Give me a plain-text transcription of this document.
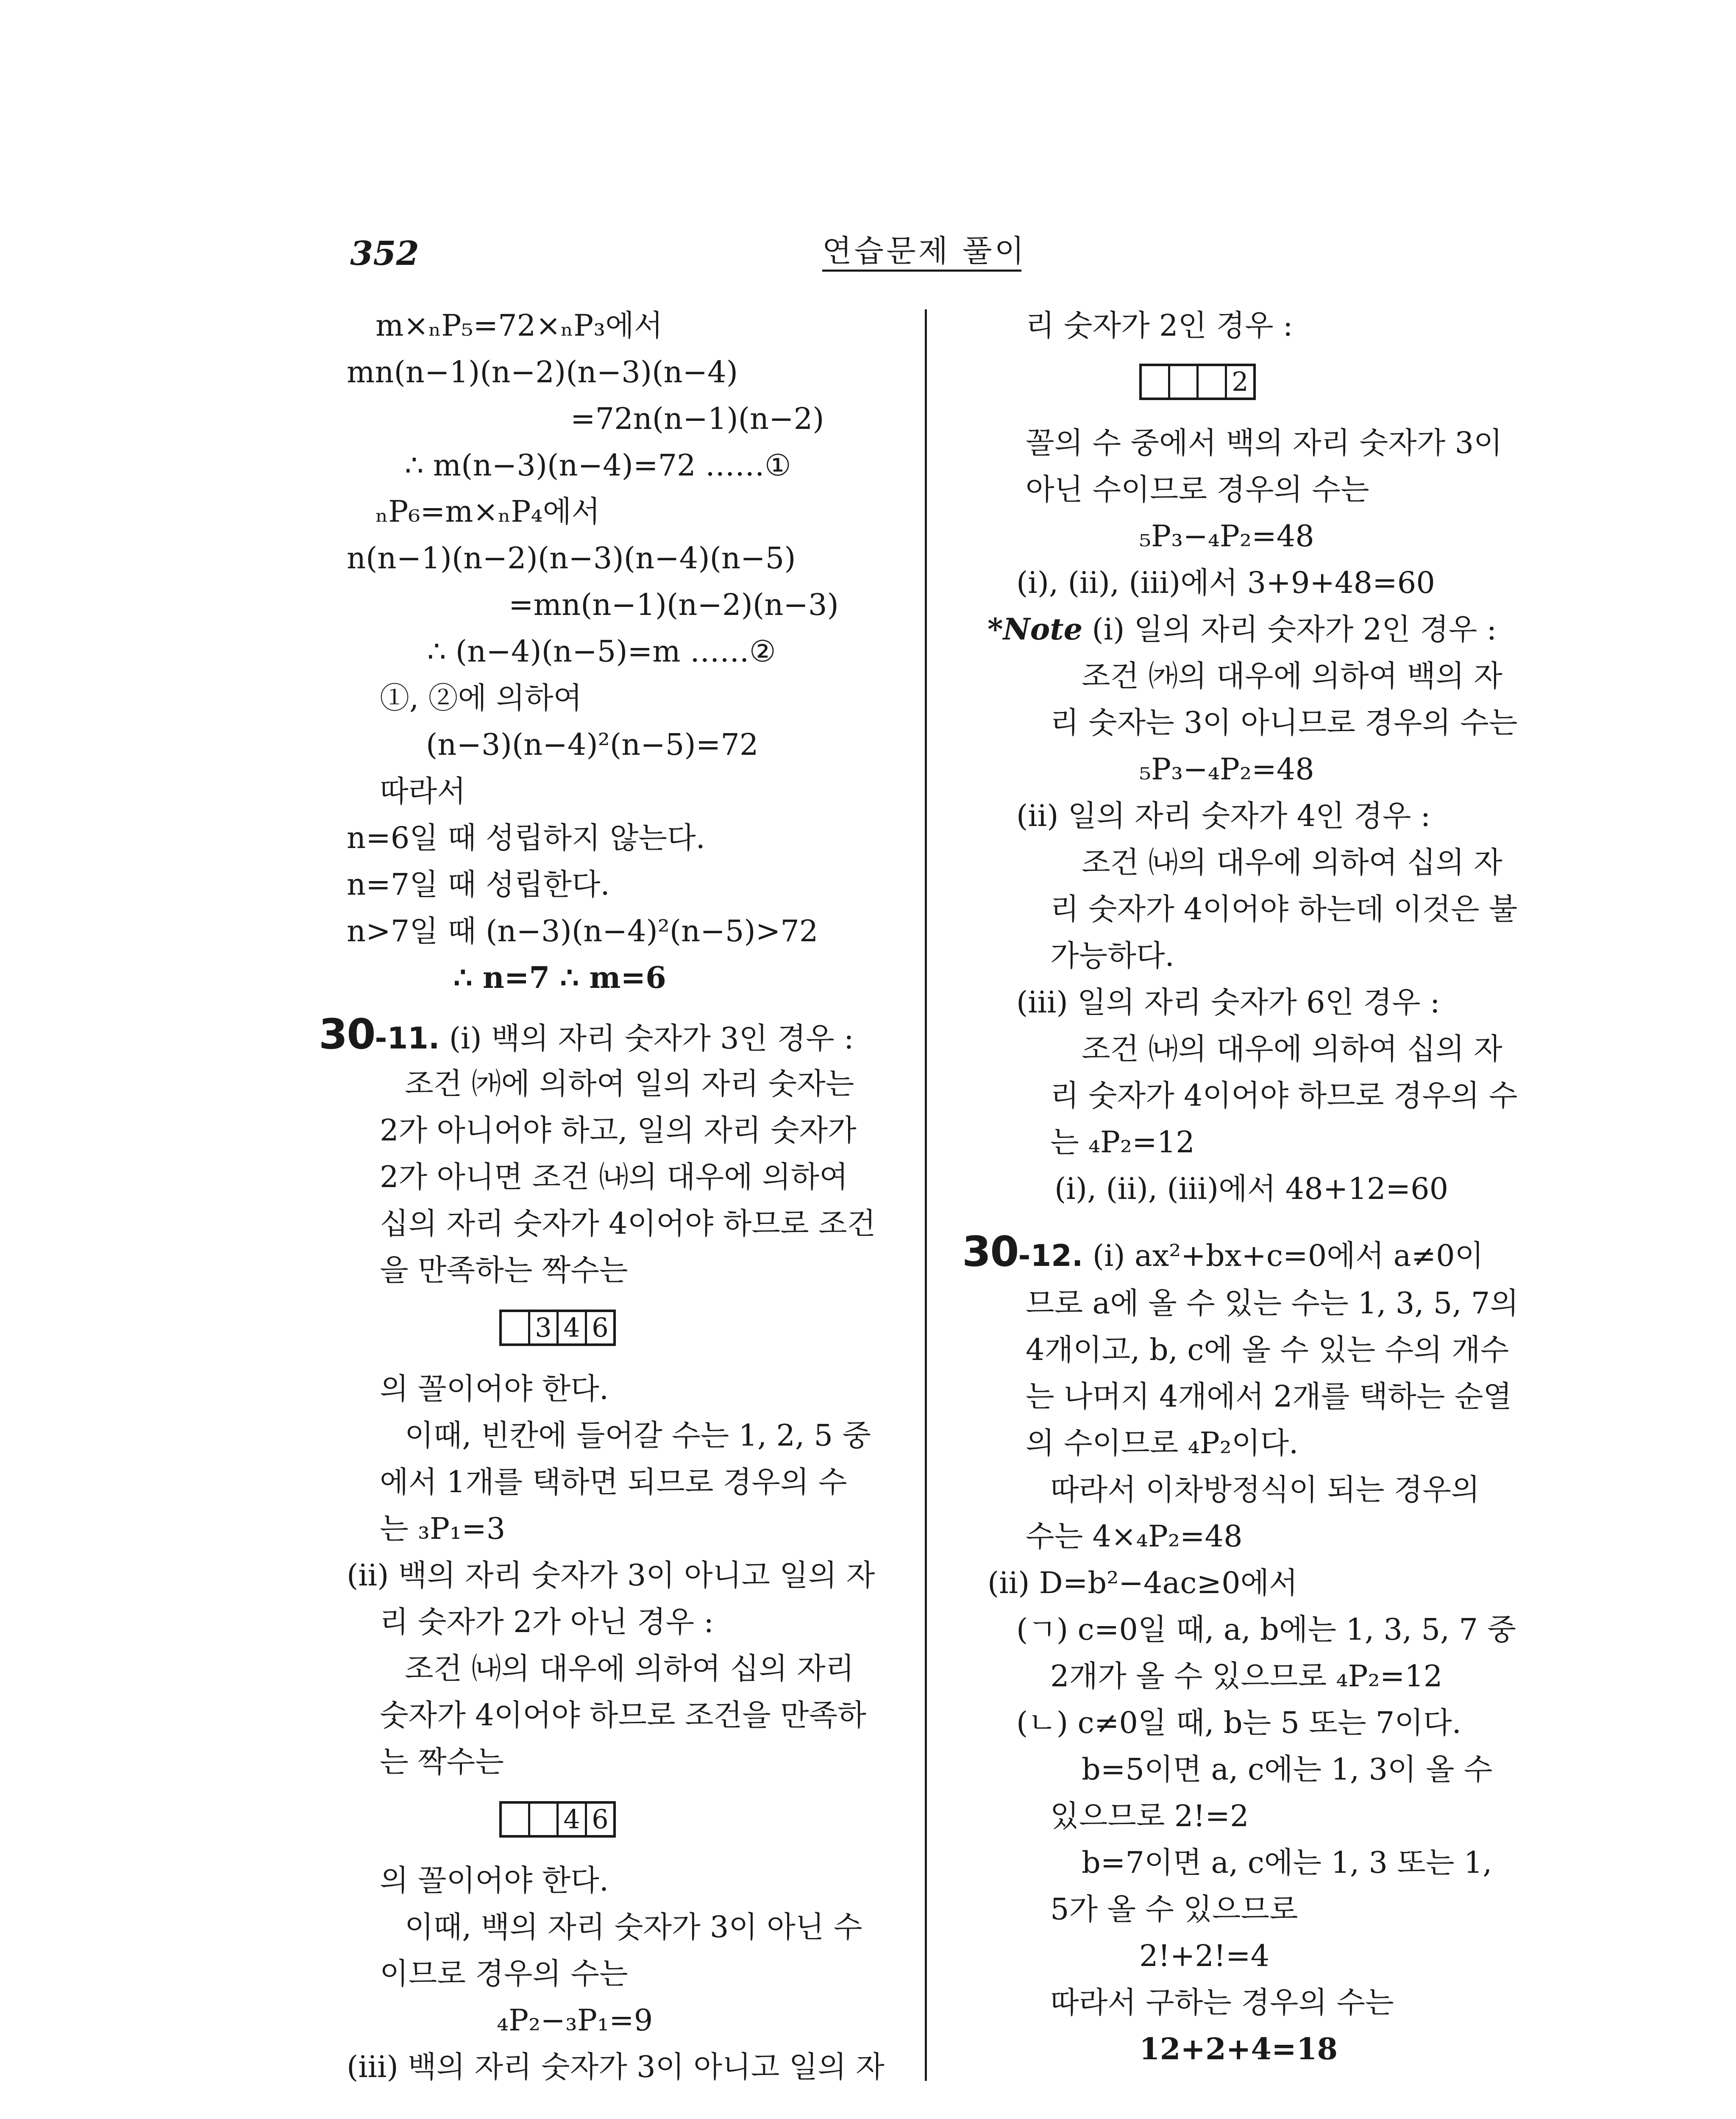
352	연습문제 풀이
m×ₙP₅=72×ₙP₃에서
mn(n−1)(n−2)(n−3)(n−4)
=72n(n−1)(n−2)
∴ m(n−3)(n−4)=72 ……①
ₙP₆=m×ₙP₄에서
n(n−1)(n−2)(n−3)(n−4)(n−5)
=mn(n−1)(n−2)(n−3)
∴ (n−4)(n−5)=m ……②
①, ②에 의하여
(n−3)(n−4)²(n−5)=72
따라서
n=6일 때 성립하지 않는다.
n=7일 때 성립한다.
n>7일 때 (n−3)(n−4)²(n−5)>72
∴ n=7 ∴ m=6
30-11. (ⅰ) 백의 자리 숫자가 3인 경우 :
조건 ㈎에 의하여 일의 자리 숫자는
2가 아니어야 하고, 일의 자리 숫자가
2가 아니면 조건 ㈏의 대우에 의하여
십의 자리 숫자가 4이어야 하므로 조건
을 만족하는 짝수는
3 4 6
의 꼴이어야 한다.
이때, 빈칸에 들어갈 수는 1, 2, 5 중
에서 1개를 택하면 되므로 경우의 수
는 ₃P₁=3
(ⅱ) 백의 자리 숫자가 3이 아니고 일의 자
리 숫자가 2가 아닌 경우 :
조건 ㈏의 대우에 의하여 십의 자리
숫자가 4이어야 하므로 조건을 만족하
는 짝수는
4 6
의 꼴이어야 한다.
이때, 백의 자리 숫자가 3이 아닌 수
이므로 경우의 수는
₄P₂−₃P₁=9
(ⅲ) 백의 자리 숫자가 3이 아니고 일의 자
리 숫자가 2인 경우 :
2
꼴의 수 중에서 백의 자리 숫자가 3이
아닌 수이므로 경우의 수는
₅P₃−₄P₂=48
(ⅰ), (ⅱ), (ⅲ)에서 3+9+48=60
*Note (ⅰ) 일의 자리 숫자가 2인 경우 :
조건 ㈎의 대우에 의하여 백의 자
리 숫자는 3이 아니므로 경우의 수는
₅P₃−₄P₂=48
(ⅱ) 일의 자리 숫자가 4인 경우 :
조건 ㈏의 대우에 의하여 십의 자
리 숫자가 4이어야 하는데 이것은 불
가능하다.
(ⅲ) 일의 자리 숫자가 6인 경우 :
조건 ㈏의 대우에 의하여 십의 자
리 숫자가 4이어야 하므로 경우의 수
는 ₄P₂=12
(ⅰ), (ⅱ), (ⅲ)에서 48+12=60
30-12. (ⅰ) ax²+bx+c=0에서 a≠0이
므로 a에 올 수 있는 수는 1, 3, 5, 7의
4개이고, b, c에 올 수 있는 수의 개수
는 나머지 4개에서 2개를 택하는 순열
의 수이므로 ₄P₂이다.
따라서 이차방정식이 되는 경우의
수는 4×₄P₂=48
(ⅱ) D=b²−4ac≥0에서
(ㄱ) c=0일 때, a, b에는 1, 3, 5, 7 중
2개가 올 수 있으므로 ₄P₂=12
(ㄴ) c≠0일 때, b는 5 또는 7이다.
b=5이면 a, c에는 1, 3이 올 수
있으므로 2!=2
b=7이면 a, c에는 1, 3 또는 1,
5가 올 수 있으므로
2!+2!=4
따라서 구하는 경우의 수는
12+2+4=18
